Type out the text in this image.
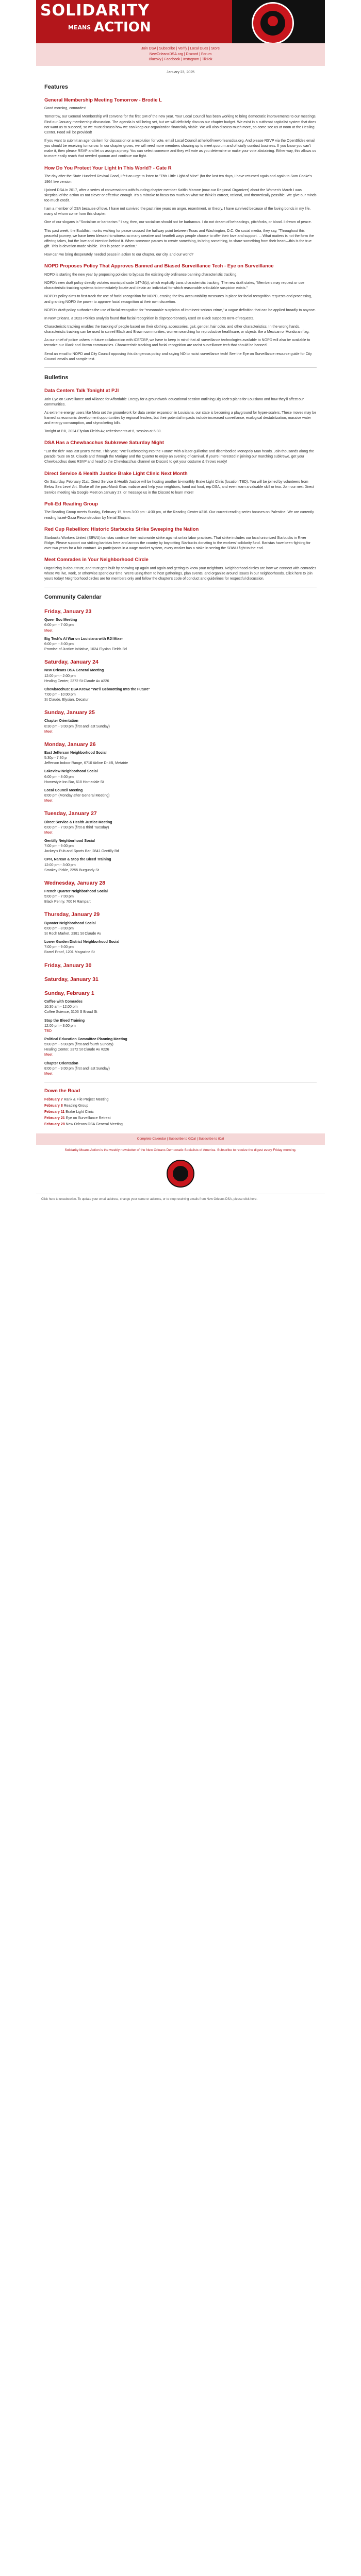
SOLIDARITY
MEANS ACTION
Join DSA | Subscribe | Verify | Local Dues | Store
NewOrleansDSA.org | Discord | Forum
Bluesky | Facebook | Instagram | TikTok
January 23, 2025
Features
General Membership Meeting Tomorrow - Brodie L

Good morning, comrades!

Tomorrow, our General Membership will convene for the first GM of the new year. Your Local Council has been working to bring democratic improvements to our meetings. Find our January membership discussion. The agenda is still being set, but we will definitely discuss our chapter budget. We exist in a cutthroat capitalist system that does not want us to succeed, so we must discuss how we can keep our organization financially viable. We will also discuss much more, so come see us at noon at the Healing Center. Food will be provided!

If you want to submit an agenda item for discussion or a resolution for vote, email Local Council at hello@neworleansdsa.org. And please RSVP via the OpenSlides email you should be receiving tomorrow. In our chapter grows, we will need more members showing up to meet quorum and officially conduct business. If you know you can't make it, then please RSVP and let us assign a proxy. You can select someone and they will vote as you determine or make your vote abstaining. Either way, this allows us to more easily reach that needed quorum and continue our fight.

How Do You Protect Your Light In This World? - Cate R

The day after the State Hundred Revival Good, I felt an urge to listen to "This Little Light of Mine" (for the last ten days, I have returned again and again to Sam Cooke's 1964 live version.

I joined DSA in 2017, after a series of conversations with founding chapter member Kaitlin Marone (now our Regional Organizer) about the Women's March I was skeptical of the action as not clever or effective enough. It's a mistake to focus too much on what we think is correct, rational, and theoretically possible. We give our minds too much credit.

I am a member of DSA because of love. I have not survived the past nine years on anger, resentment, or theory. I have survived because of the loving bonds in my life, many of whom come from this chapter.

One of our slogans is "Socialism or barbarism." I say, then, our socialism should not be barbarous. I do not dream of beheadings, pitchforks, or blood. I dream of peace.

This past week, the Buddhist monks walking for peace crossed the halfway point between Texas and Washington, D.C. On social media, they say, "Throughout this peaceful journey, we have been blessed to witness so many creative and heartfelt ways people choose to offer their love and support. ... What matters is not the form the offering takes, but the love and intention behind it. When someone pauses to create something, to bring something, to share something from their heart—this is the true gift. This is devotion made visible. This is peace in action."

How can we bring desperately needed peace in action to our chapter, our city, and our world?

NOPD Proposes Policy That Approves Banned and Biased Surveillance Tech - Eye on Surveillance

NOPD is starting the new year by proposing policies to bypass the existing city ordinance banning characteristic tracking.

NOPD's new draft policy directly violates municipal code 147-2(b), which explicitly bans characteristic tracking. The new draft states, "Members may request or use characteristic tracking systems to immediately locate and detain an individual for which reasonable articulable suspicion exists."

NOPD's policy aims to fast-track the use of facial recognition for NOPD, erasing the few accountability measures in place for facial recognition requests and processing, and granting NOPD the power to approve facial recognition at their own discretion.

NOPD's draft policy authorizes the use of facial recognition for "reasonable suspicion of imminent serious crime," a vague definition that can be applied broadly to anyone.

In New Orleans, a 2023 Politico analysis found that facial recognition is disproportionately used on Black suspects 80% of requests.

Characteristic tracking enables the tracking of people based on their clothing, accessories, gait, gender, hair color, and other characteristics. In the wrong hands, characteristic tracking can be used to surveil Black and Brown communities, women searching for reproductive healthcare, or objects like a Mexican or Honduran flag.

As our chief of police ushers in future collaboration with ICE/CBP, we have to keep in mind that all surveillance technologies available to NOPD will also be available to terrorize our Black and Brown communities. Characteristic tracking and facial recognition are racist surveillance tech that should be banned.

Send an email to NOPD and City Council opposing this dangerous policy and saying NO to racist surveillance tech! See the Eye on Surveillance resource guide for City Council emails and sample text.

Bulletins
Data Centers Talk Tonight at PJI

Join Eye on Surveillance and Alliance for Affordable Energy for a groundwork educational session outlining Big Tech's plans for Louisiana and how they'll affect our communities.

As extreme energy users like Meta set the groundwork for data center expansion in Louisiana, our state is becoming a playground for hyper-scalers. These moves may be framed as economic development opportunities by regional leaders, but their potential impacts include increased surveillance, ecological destabilization, massive water and energy consumption, and skyrocketing bills.

Tonight at PJI, 2024 Elysian Fields Av, refreshments at 6, session at 6:30.

DSA Has a Chewbacchus Subkrewe Saturday Night

"Eat the rich" was last year's theme. This year, "We'll Bebmotting Into the Future" with a laser guillotine and disembodied Monopoly Man heads. Join thousands along the parade route on St. Claude and through the Marigny and the Quarter to enjoy an evening of carnival. If you're interested in joining our marching subkrewe, get your Chewbacchus dues RSVP and head to the Chewbacchus channel on Discord to get your costume & throws ready!

Direct Service & Health Justice Brake Light Clinic Next Month

On Saturday, February 21st, Direct Service & Health Justice will be hosting another bi-monthly Brake Light Clinic (location TBD). You will be joined by volunteers from Below Sea Level Art. Shake off the post-Mardi Gras malaise and help your neighbors, hand out food, rep DSA, and even learn a valuable skill or two. Join our next Direct Service meeting via Google Meet on January 27, or message us in the Discord to learn more!

Poli-Ed Reading Group

The Reading Group meets Sunday, February 15, from 3:00 pm - 4:30 pm, at the Reading Center #216. Our current reading series focuses on Palestine. We are currently reading Israel-Gaza Reconstruction by Nerial Shajani.

Red Cup Rebellion: Historic Starbucks Strike Sweeping the Nation

Starbucks Workers United (SBWU) baristas continue their nationwide strike against unfair labor practices. That strike includes our local unionized Starbucks in River Ridge. Please support our striking baristas here and across the country by boycotting Starbucks donating to the workers' solidarity fund. Baristas have been fighting for over two years for a fair contract. As participants in a wage market system, every worker has a stake in seeing the SBWU fight to the end.

Meet Comrades in Your Neighborhood Circle

Organizing is about trust, and trust gets built by showing up again and again and getting to know your neighbors. Neighborhood circles are how we connect with comrades where we live, work, or otherwise spend our time. We're using them to host gatherings, plan events, and organize around issues in our neighborhoods. Click here to join yours today! Neighborhood circles are for members only and follow the chapter's code of conduct and guidelines for respectful discussion.

Community Calendar
Friday, January 23
Queer Soc Meeting
6:00 pm - 7:00 pm
Meet
Big Tech's AI War on Louisiana with RJI Mixer
6:00 pm - 8:00 pm
Promise of Justice Initiative, 1024 Elysian Fields Bd
Saturday, January 24
New Orleans DSA General Meeting
12:00 pm - 2:00 pm
Healing Center, 2372 St Claude Av #226
Chewbacchus: DSA Krewe "We'll Bebmotting Into the Future"
7:00 pm - 10:00 pm
St Claude, Elysian, Decatur
Sunday, January 25
Chapter Orientation
8:30 pm - 9:00 pm (first and last Sunday)
Meet
Monday, January 26
East Jefferson Neighborhood Social
5:30p - 7:30 p
Jefferson Indoor Range, 6710 Airline Dr #B, Metairie
Lakeview Neighborhood Social
6:00 pm - 8:00 pm
Homestyle Inn Bar, 618 Homedale St
Local Council Meeting
8:00 pm (Monday after General Meeting)
Meet
Tuesday, January 27
Direct Service & Health Justice Meeting
6:00 pm - 7:00 pm (first & third Tuesday)
Meet
Gentilly Neighborhood Social
7:00 pm - 9:00 pm
Jockey's Pub and Sports Bar, 2841 Gentilly Bd
CPR, Narcan & Stop the Bleed Training
12:00 pm - 3:00 pm
Smokey Pickle, 2255 Burgundy St
Wednesday, January 28
French Quarter Neighborhood Social
5:00 pm - 7:00 pm
Black Penny, 700 N Rampart
Thursday, January 29
Bywater Neighborhood Social
6:00 pm - 8:00 pm
St Roch Market, 2381 St Claude Av
Lower Garden District Neighborhood Social
7:00 pm - 9:00 pm
Barrel Proof, 1201 Magazine St
Friday, January 30
Saturday, January 31
Sunday, February 1
Coffee with Comrades
10:30 am - 12:00 pm
Coffee Science, 3103 S Broad St
Stop the Bleed Training
12:00 pm - 3:00 pm
TBD
Political Education Committee Planning Meeting
5:00 pm - 6:00 pm (first and fourth Sunday)
Healing Center, 2372 St Claude Av #226
Meet
Chapter Orientation
8:00 pm - 9:00 pm (first and last Sunday)
Meet
Down the Road
February 7 Rank & File Project Meeting
February 8 Reading Group
February 11 Brake Light Clinic
February 21 Eye on Surveillance Retreat
February 28 New Orleans DSA General Meeting
Complete Calendar | Subscribe to GCal | Subscribe to iCal
Solidarity Means Action is the weekly newsletter of the New Orleans Democratic Socialists of America. Subscribe to receive the digest every Friday morning.
Click here to unsubscribe. To update your email address, change your name or address, or to stop receiving emails from New Orleans DSA, please click here.
